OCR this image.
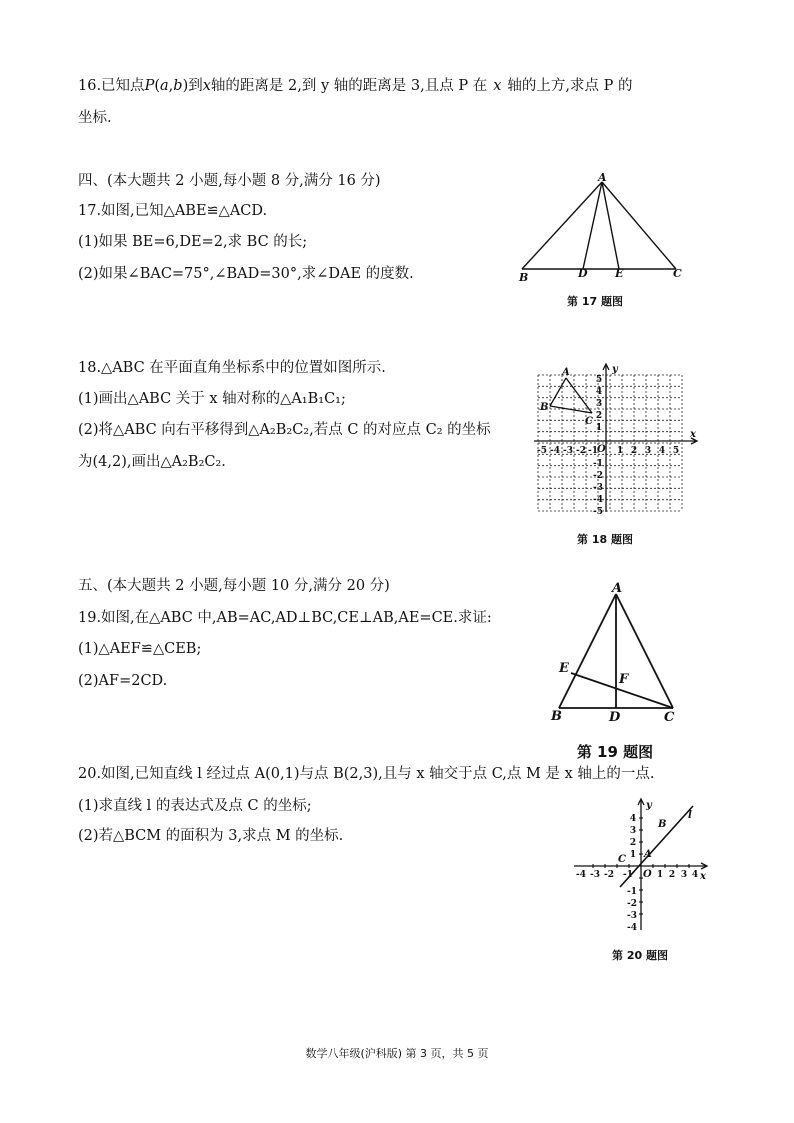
16.已知点P(a,b)到x轴的距离是 2,到 y 轴的距离是 3,且点 P 在 x 轴的上方,求点 P 的
坐标.
四、(本大题共 2 小题,每小题 8 分,满分 16 分)
17.如图,已知△ABE≌△ACD.
(1)如果 BE=6,DE=2,求 BC 的长;
(2)如果∠BAC=75°,∠BAD=30°,求∠DAE 的度数.
A
B	D E	C
第 17 题图
18.△ABC 在平面直角坐标系中的位置如图所示.
(1)画出△ABC 关于 x 轴对称的△A₁B₁C₁;
(2)将△ABC 向右平移得到△A₂B₂C₂,若点 C 的对应点 C₂ 的坐标
为(4,2),画出△A₂B₂C₂.
A
B
C
O
x
y
-5 -4 -3 -2 -1 1 2 3 4 5
5
4
3
2
1
-1
-2
-3
-4
-5
第 18 题图
五、(本大题共 2 小题,每小题 10 分,满分 20 分)
19.如图,在△ABC 中,AB=AC,AD⊥BC,CE⊥AB,AE=CE.求证:
(1)△AEF≌△CEB;
(2)AF=2CD.
A
B	C
D
E
F
第 19 题图
20.如图,已知直线 l 经过点 A(0,1)与点 B(2,3),且与 x 轴交于点 C,点 M 是 x 轴上的一点.
(1)求直线 l 的表达式及点 C 的坐标;
(2)若△BCM 的面积为 3,求点 M 的坐标.
l
B
A
C
O	x
y
-4 -3 -2 -1	1 2 3 4
4
3
2
1
-1
-2
-3
-4
第 20 题图
数学八年级(沪科版) 第 3 页，共 5 页
